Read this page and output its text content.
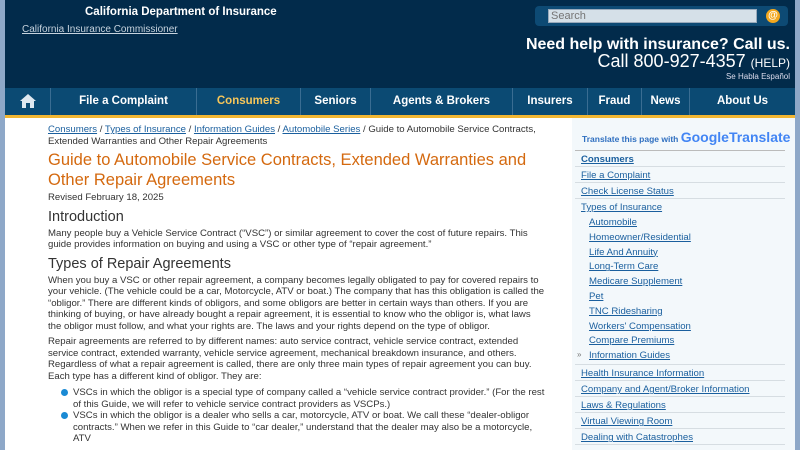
California Insurance Commissioner
California Department of Insurance
Search	@
Need help with insurance? Call us.
Call 800-927-4357 (HELP)
Se Habla Español
File a Complaint	Consumers	Seniors	Agents & Brokers	Insurers	Fraud	News	About Us
Consumers / Types of Insurance / Information Guides / Automobile Series / Guide to Automobile Service Contracts, Extended Warranties and Other Repair Agreements
Guide to Automobile Service Contracts, Extended Warranties and Other Repair Agreements
Revised February 18, 2025
Introduction

Many people buy a Vehicle Service Contract (“VSC”) or similar agreement to cover the cost of future repairs. This guide provides information on buying and using a VSC or other type of “repair agreement.”

Types of Repair Agreements

When you buy a VSC or other repair agreement, a company becomes legally obligated to pay for covered repairs to your vehicle. (The vehicle could be a car, Motorcycle, ATV or boat.) The company that has this obligation is called the “obligor.” There are different kinds of obligors, and some obligors are better in certain ways than others. If you are thinking of buying, or have already bought a repair agreement, it is essential to know who the obligor is, what laws the obligor must follow, and what your rights are. The laws and your rights depend on the type of obligor.

Repair agreements are referred to by different names: auto service contract, vehicle service contract, extended service contract, extended warranty, vehicle service agreement, mechanical breakdown insurance, and others. Regardless of what a repair agreement is called, there are only three main types of repair agreement you can buy. Each type has a different kind of obligor. They are:

VSCs in which the obligor is a special type of company called a “vehicle service contract provider.” (For the rest of this Guide, we will refer to vehicle service contract providers as VSCPs.)
VSCs in which the obligor is a dealer who sells a car, motorcycle, ATV or boat. We call these “dealer-obligor contracts.” When we refer in this Guide to “car dealer,” understand that the dealer may also be a motorcycle, ATV
Translate this page with GoogleTranslate
Consumers
File a Complaint
Check License Status
Types of Insurance
Automobile
Homeowner/Residential
Life And Annuity
Long-Term Care
Medicare Supplement
Pet
TNC Ridesharing
Workers' Compensation
Compare Premiums
» Information Guides
Health Insurance Information
Company and Agent/Broker Information
Laws & Regulations
Virtual Viewing Room
Dealing with Catastrophes
